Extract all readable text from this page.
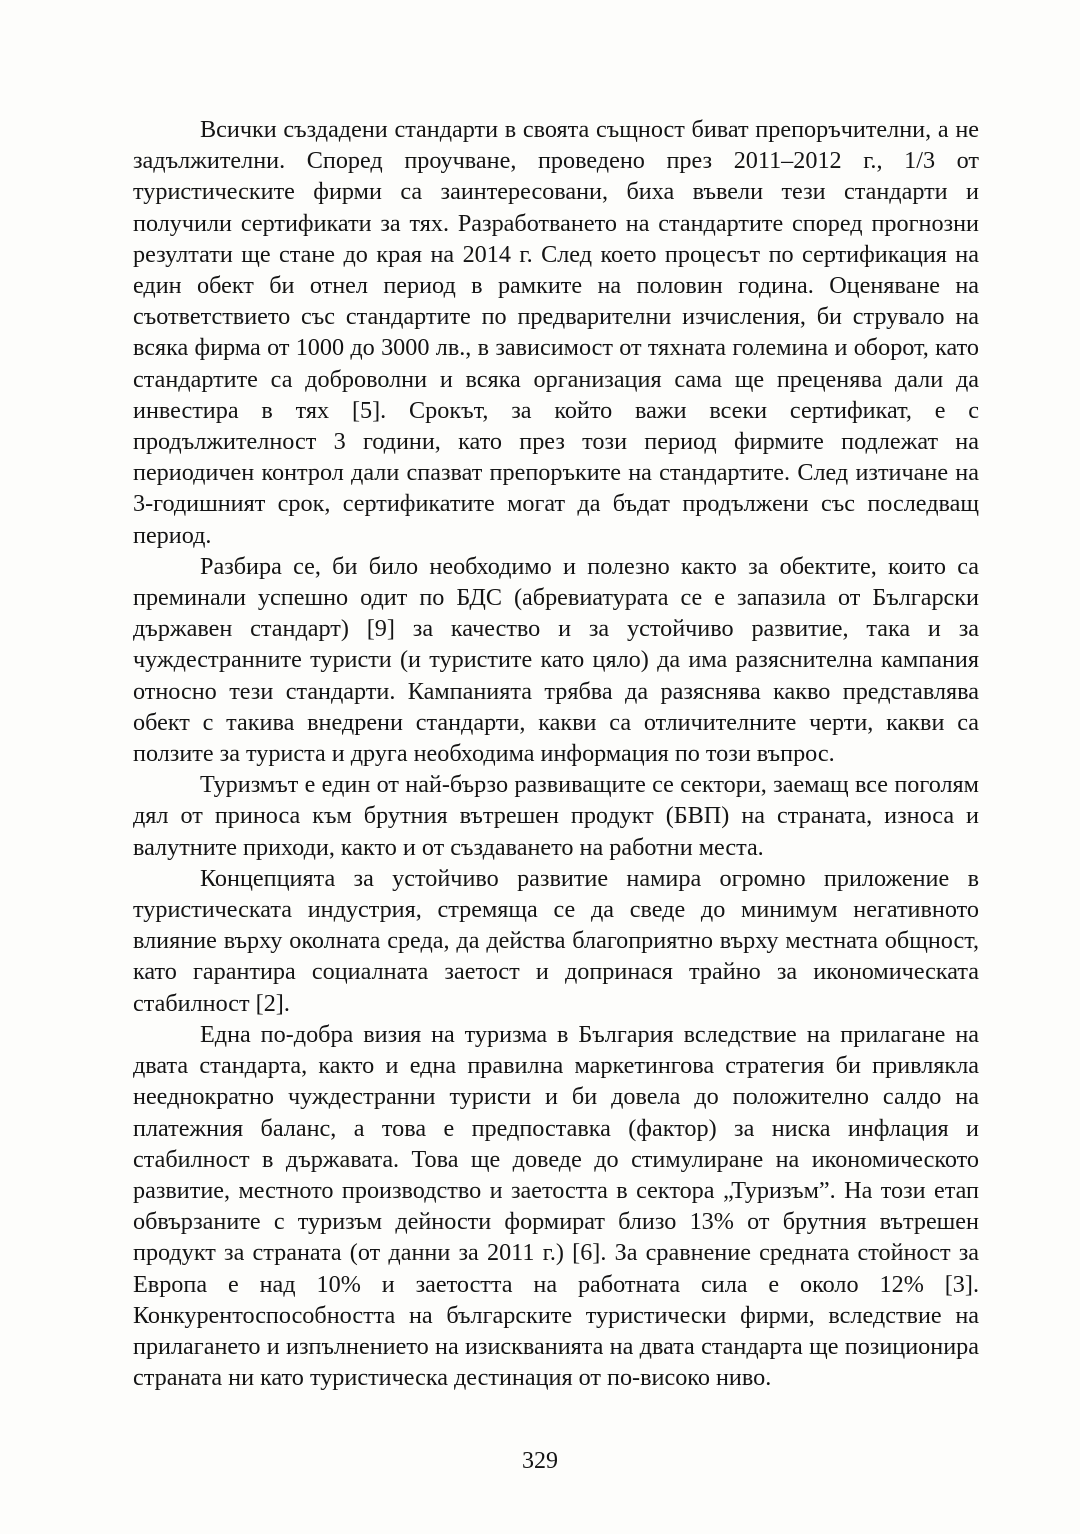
Всички създадени стандарти в своята същност биват препоръчителни, а не задължителни. Според проучване, проведено през 2011–2012 г., 1/3 от туристическите фирми са заинтересовани, биха въвели тези стандарти и получили сертификати за тях. Разработването на стандартите според прогнозни резултати ще стане до края на 2014 г. След което процесът по сертификация на един обект би отнел период в рамките на половин година. Оценяване на съответствието със стандартите по предварителни изчисления, би струвало на всяка фирма от 1000 до 3000 лв., в зависимост от тяхната големина и оборот, като стандартите са доброволни и всяка организация сама ще преценява дали да инвестира в тях [5]. Срокът, за който важи всеки сертификат, е с продължителност 3 години, като през този период фирмите подлежат на периодичен контрол дали спазват препоръките на стандартите. След изтичане на 3-годишният срок, сертификатите могат да бъдат продължени със последващ период.

Разбира се, би било необходимо и полезно както за обектите, които са преминали успешно одит по БДС (абревиатурата се е запазила от Български държавен стандарт) [9] за качество и за устойчиво развитие, така и за чуждестранните туристи (и туристите като цяло) да има разяснителна кампания относно тези стандарти. Кампанията трябва да разяснява какво представлява обект с такива внедрени стандарти, какви са отличителните черти, какви са ползите за туриста и друга необходима информация по този въпрос.

Туризмът е един от най-бързо развиващите се сектори, заемащ все поголям дял от приноса към брутния вътрешен продукт (БВП) на страната, износа и валутните приходи, както и от създаването на работни места.

Концепцията за устойчиво развитие намира огромно приложение в туристическата индустрия, стремяща се да сведе до минимум негативното влияние върху околната среда, да действа благоприятно върху местната общност, като гарантира социалната заетост и допринася трайно за икономическата стабилност [2].

Една по-добра визия на туризма в България вследствие на прилагане на двата стандарта, както и една правилна маркетингова стратегия би привлякла нееднократно чуждестранни туристи и би довела до положително салдо на платежния баланс, а това е предпоставка (фактор) за ниска инфлация и стабилност в държавата. Това ще доведе до стимулиране на икономическото развитие, местното производство и заетостта в сектора „Туризъм”. На този етап обвързаните с туризъм дейности формират близо 13% от брутния вътрешен продукт за страната (от данни за 2011 г.) [6]. За сравнение средната стойност за Европа е над 10% и заетостта на работната сила е около 12% [3]. Конкурентоспособността на българските туристически фирми, вследствие на прилагането и изпълнението на изискванията на двата стандарта ще позиционира страната ни като туристическа дестинация от по-високо ниво.

329
